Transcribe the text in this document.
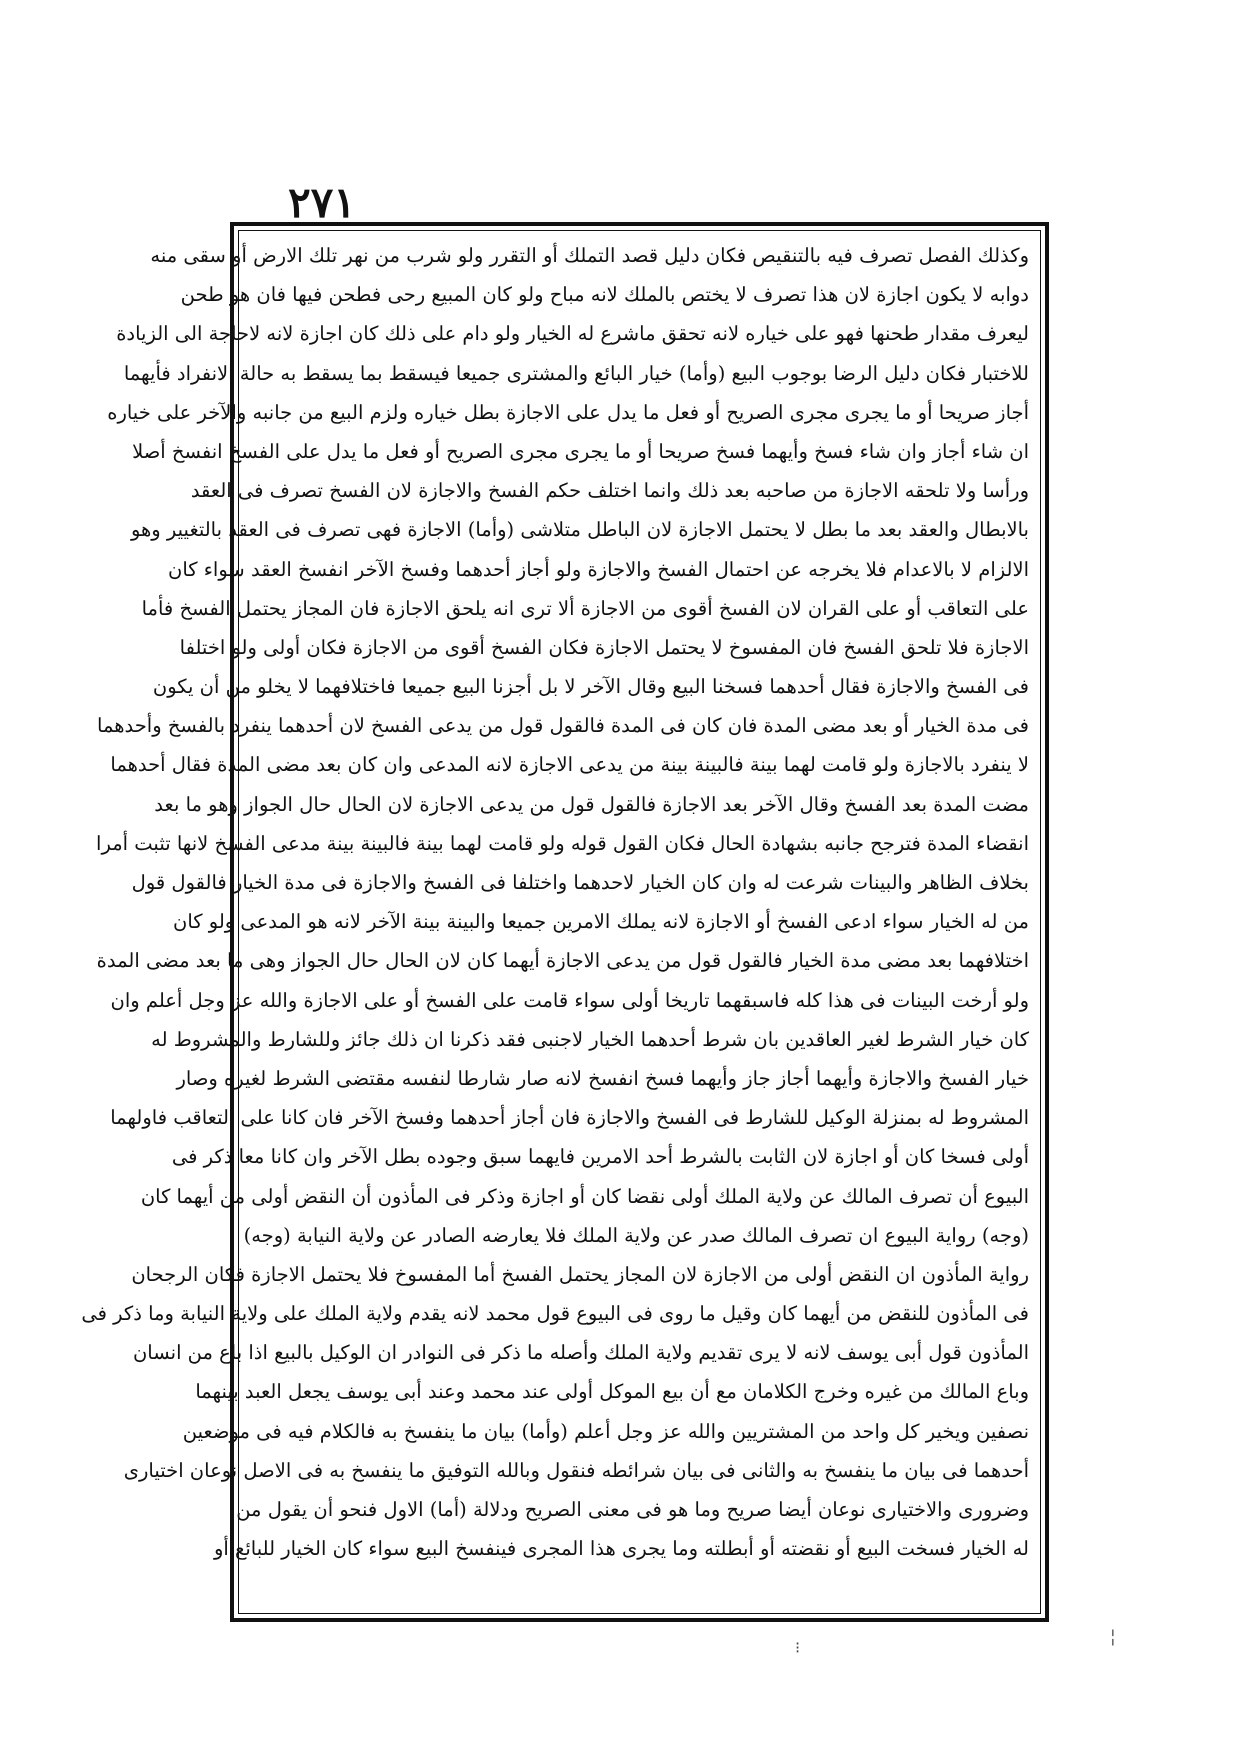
٢٧١
⁝
╎
وكذلك الفصل تصرف فيه بالتنقيص فكان دليل قصد التملك أو التقرر ولو شرب من نهر تلك الارض أو سقى منه
دوابه لا يكون اجازة لان هذا تصرف لا يختص بالملك لانه مباح ولو كان المبيع رحى فطحن فيها فان هو طحن
ليعرف مقدار طحنها فهو على خياره لانه تحقق ماشرع له الخيار ولو دام على ذلك كان اجازة لانه لاحاجة الى الزيادة
للاختبار فكان دليل الرضا بوجوب البيع (وأما) خيار البائع والمشترى جميعا فيسقط بما يسقط به حالة الانفراد فأيهما
أجاز صريحا أو ما يجرى مجرى الصريح أو فعل ما يدل على الاجازة بطل خياره ولزم البيع من جانبه والآخر على خياره
ان شاء أجاز وان شاء فسخ وأيهما فسخ صريحا أو ما يجرى مجرى الصريح أو فعل ما يدل على الفسخ انفسخ أصلا
ورأسا ولا تلحقه الاجازة من صاحبه بعد ذلك وانما اختلف حكم الفسخ والاجازة لان الفسخ تصرف فى العقد
بالابطال والعقد بعد ما بطل لا يحتمل الاجازة لان الباطل متلاشى (وأما) الاجازة فهى تصرف فى العقد بالتغيير وهو
الالزام لا بالاعدام فلا يخرجه عن احتمال الفسخ والاجازة ولو أجاز أحدهما وفسخ الآخر انفسخ العقد سواء كان
على التعاقب أو على القران لان الفسخ أقوى من الاجازة ألا ترى انه يلحق الاجازة فان المجاز يحتمل الفسخ فأما
الاجازة فلا تلحق الفسخ فان المفسوخ لا يحتمل الاجازة فكان الفسخ أقوى من الاجازة فكان أولى ولو اختلفا
فى الفسخ والاجازة فقال أحدهما فسخنا البيع وقال الآخر لا بل أجزنا البيع جميعا فاختلافهما لا يخلو من أن يكون
فى مدة الخيار أو بعد مضى المدة فان كان فى المدة فالقول قول من يدعى الفسخ لان أحدهما ينفرد بالفسخ وأحدهما
لا ينفرد بالاجازة ولو قامت لهما بينة فالبينة بينة من يدعى الاجازة لانه المدعى وان كان بعد مضى المدة فقال أحدهما
مضت المدة بعد الفسخ وقال الآخر بعد الاجازة فالقول قول من يدعى الاجازة لان الحال حال الجواز وهو ما بعد
انقضاء المدة فترجح جانبه بشهادة الحال فكان القول قوله ولو قامت لهما بينة فالبينة بينة مدعى الفسخ لانها تثبت أمرا
بخلاف الظاهر والبينات شرعت له وان كان الخيار لاحدهما واختلفا فى الفسخ والاجازة فى مدة الخيار فالقول قول
من له الخيار سواء ادعى الفسخ أو الاجازة لانه يملك الامرين جميعا والبينة بينة الآخر لانه هو المدعى ولو كان
اختلافهما بعد مضى مدة الخيار فالقول قول من يدعى الاجازة أيهما كان لان الحال حال الجواز وهى ما بعد مضى المدة
ولو أرخت البينات فى هذا كله فاسبقهما تاريخا أولى سواء قامت على الفسخ أو على الاجازة والله عز وجل أعلم وان
كان خيار الشرط لغير العاقدين بان شرط أحدهما الخيار لاجنبى فقد ذكرنا ان ذلك جائز وللشارط والمشروط له
خيار الفسخ والاجازة وأيهما أجاز جاز وأيهما فسخ انفسخ لانه صار شارطا لنفسه مقتضى الشرط لغيره وصار
المشروط له بمنزلة الوكيل للشارط فى الفسخ والاجازة فان أجاز أحدهما وفسخ الآخر فان كانا على التعاقب فاولهما
أولى فسخا كان أو اجازة لان الثابت بالشرط أحد الامرين فايهما سبق وجوده بطل الآخر وان كانا معا ذكر فى
البيوع أن تصرف المالك عن ولاية الملك أولى نقضا كان أو اجازة وذكر فى المأذون أن النقض أولى من أيهما كان
(وجه) رواية البيوع ان تصرف المالك صدر عن ولاية الملك فلا يعارضه الصادر عن ولاية النيابة (وجه)
رواية المأذون ان النقض أولى من الاجازة لان المجاز يحتمل الفسخ أما المفسوخ فلا يحتمل الاجازة فكان الرجحان
فى المأذون للنقض من أيهما كان وقيل ما روى فى البيوع قول محمد لانه يقدم ولاية الملك على ولاية النيابة وما ذكر فى
المأذون قول أبى يوسف لانه لا يرى تقديم ولاية الملك وأصله ما ذكر فى النوادر ان الوكيل بالبيع اذا باع من انسان
وباع المالك من غيره وخرج الكلامان مع أن بيع الموكل أولى عند محمد وعند أبى يوسف يجعل العبد بينهما
نصفين ويخير كل واحد من المشتريين والله عز وجل أعلم (وأما) بيان ما ينفسخ به فالكلام فيه فى موضعين
أحدهما فى بيان ما ينفسخ به والثانى فى بيان شرائطه فنقول وبالله التوفيق ما ينفسخ به فى الاصل نوعان اختيارى
وضرورى والاختيارى نوعان أيضا صريح وما هو فى معنى الصريح ودلالة (أما) الاول فنحو أن يقول من
له الخيار فسخت البيع أو نقضته أو أبطلته وما يجرى هذا المجرى فينفسخ البيع سواء كان الخيار للبائع أو
